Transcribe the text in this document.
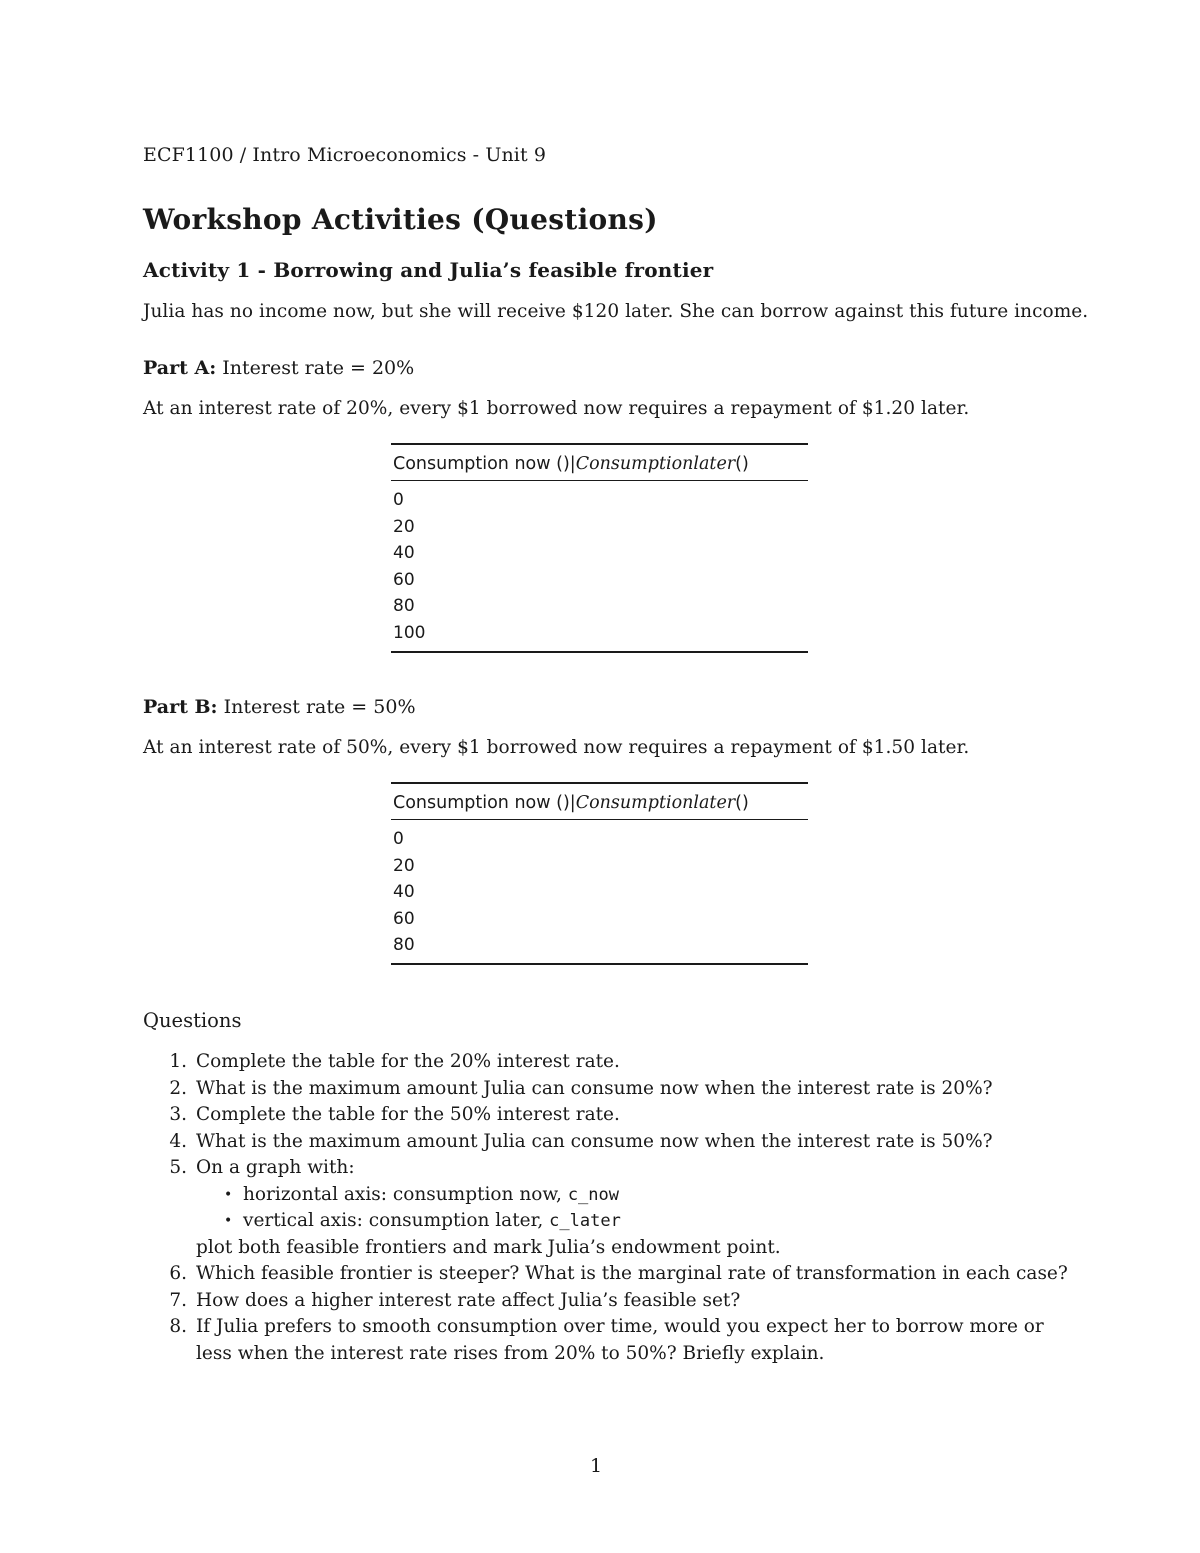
ECF1100 / Intro Microeconomics - Unit 9
Workshop Activities (Questions)
Activity 1 - Borrowing and Julia’s feasible frontier
Julia has no income now, but she will receive $120 later. She can borrow against this future income.
Part A: Interest rate = 20%
At an interest rate of 20%, every $1 borrowed now requires a repayment of $1.20 later.
Consumption now ()|Consumptionlater()
0
20
40
60
80
100
Part B: Interest rate = 50%
At an interest rate of 50%, every $1 borrowed now requires a repayment of $1.50 later.
Consumption now ()|Consumptionlater()
0
20
40
60
80
Questions
1. Complete the table for the 20% interest rate.
2. What is the maximum amount Julia can consume now when the interest rate is 20%?
3. Complete the table for the 50% interest rate.
4. What is the maximum amount Julia can consume now when the interest rate is 50%?
5. On a graph with:
• horizontal axis: consumption now, c_now
• vertical axis: consumption later, c_later
plot both feasible frontiers and mark Julia’s endowment point.
6. Which feasible frontier is steeper? What is the marginal rate of transformation in each case?
7. How does a higher interest rate affect Julia’s feasible set?
8. If Julia prefers to smooth consumption over time, would you expect her to borrow more or
less when the interest rate rises from 20% to 50%? Briefly explain.
1
